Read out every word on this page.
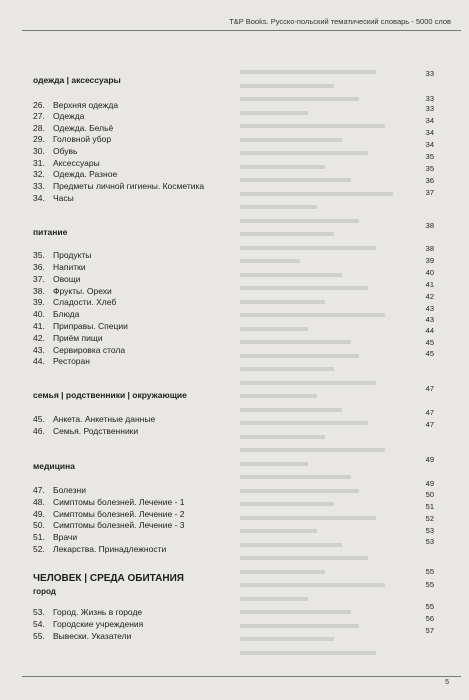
T&P Books. Русско-польский тематический словарь - 5000 слов
одежда | аксессуары
33
26. Верхняя одежда
33
27. Одежда
33
28. Одежда. Бельё
34
29. Головной убор
34
30. Обувь
34
31. Аксессуары
35
32. Одежда. Разное
35
33. Предметы личной гигиены. Косметика
36
34. Часы
37
питание
38
35. Продукты
38
36. Напитки
39
37. Овощи
40
38. Фрукты. Орехи
41
39. Сладости. Хлеб
42
40. Блюда
43
41. Приправы. Специи
43
42. Приём пищи
44
43. Сервировка стола
45
44. Ресторан
45
семья | родственники | окружающие
47
45. Анкета. Анкетные данные
47
46. Семья. Родственники
47
медицина
49
47. Болезни
49
48. Симптомы болезней. Лечение - 1
50
49. Симптомы болезней. Лечение - 2
51
50. Симптомы болезней. Лечение - 3
52
51. Врачи
53
52. Лекарства. Принадлежности
53
ЧЕЛОВЕК | СРЕДА ОБИТАНИЯ
55
город
55
53. Город. Жизнь в городе
55
54. Городские учреждения
56
55. Вывески. Указатели
57
5
